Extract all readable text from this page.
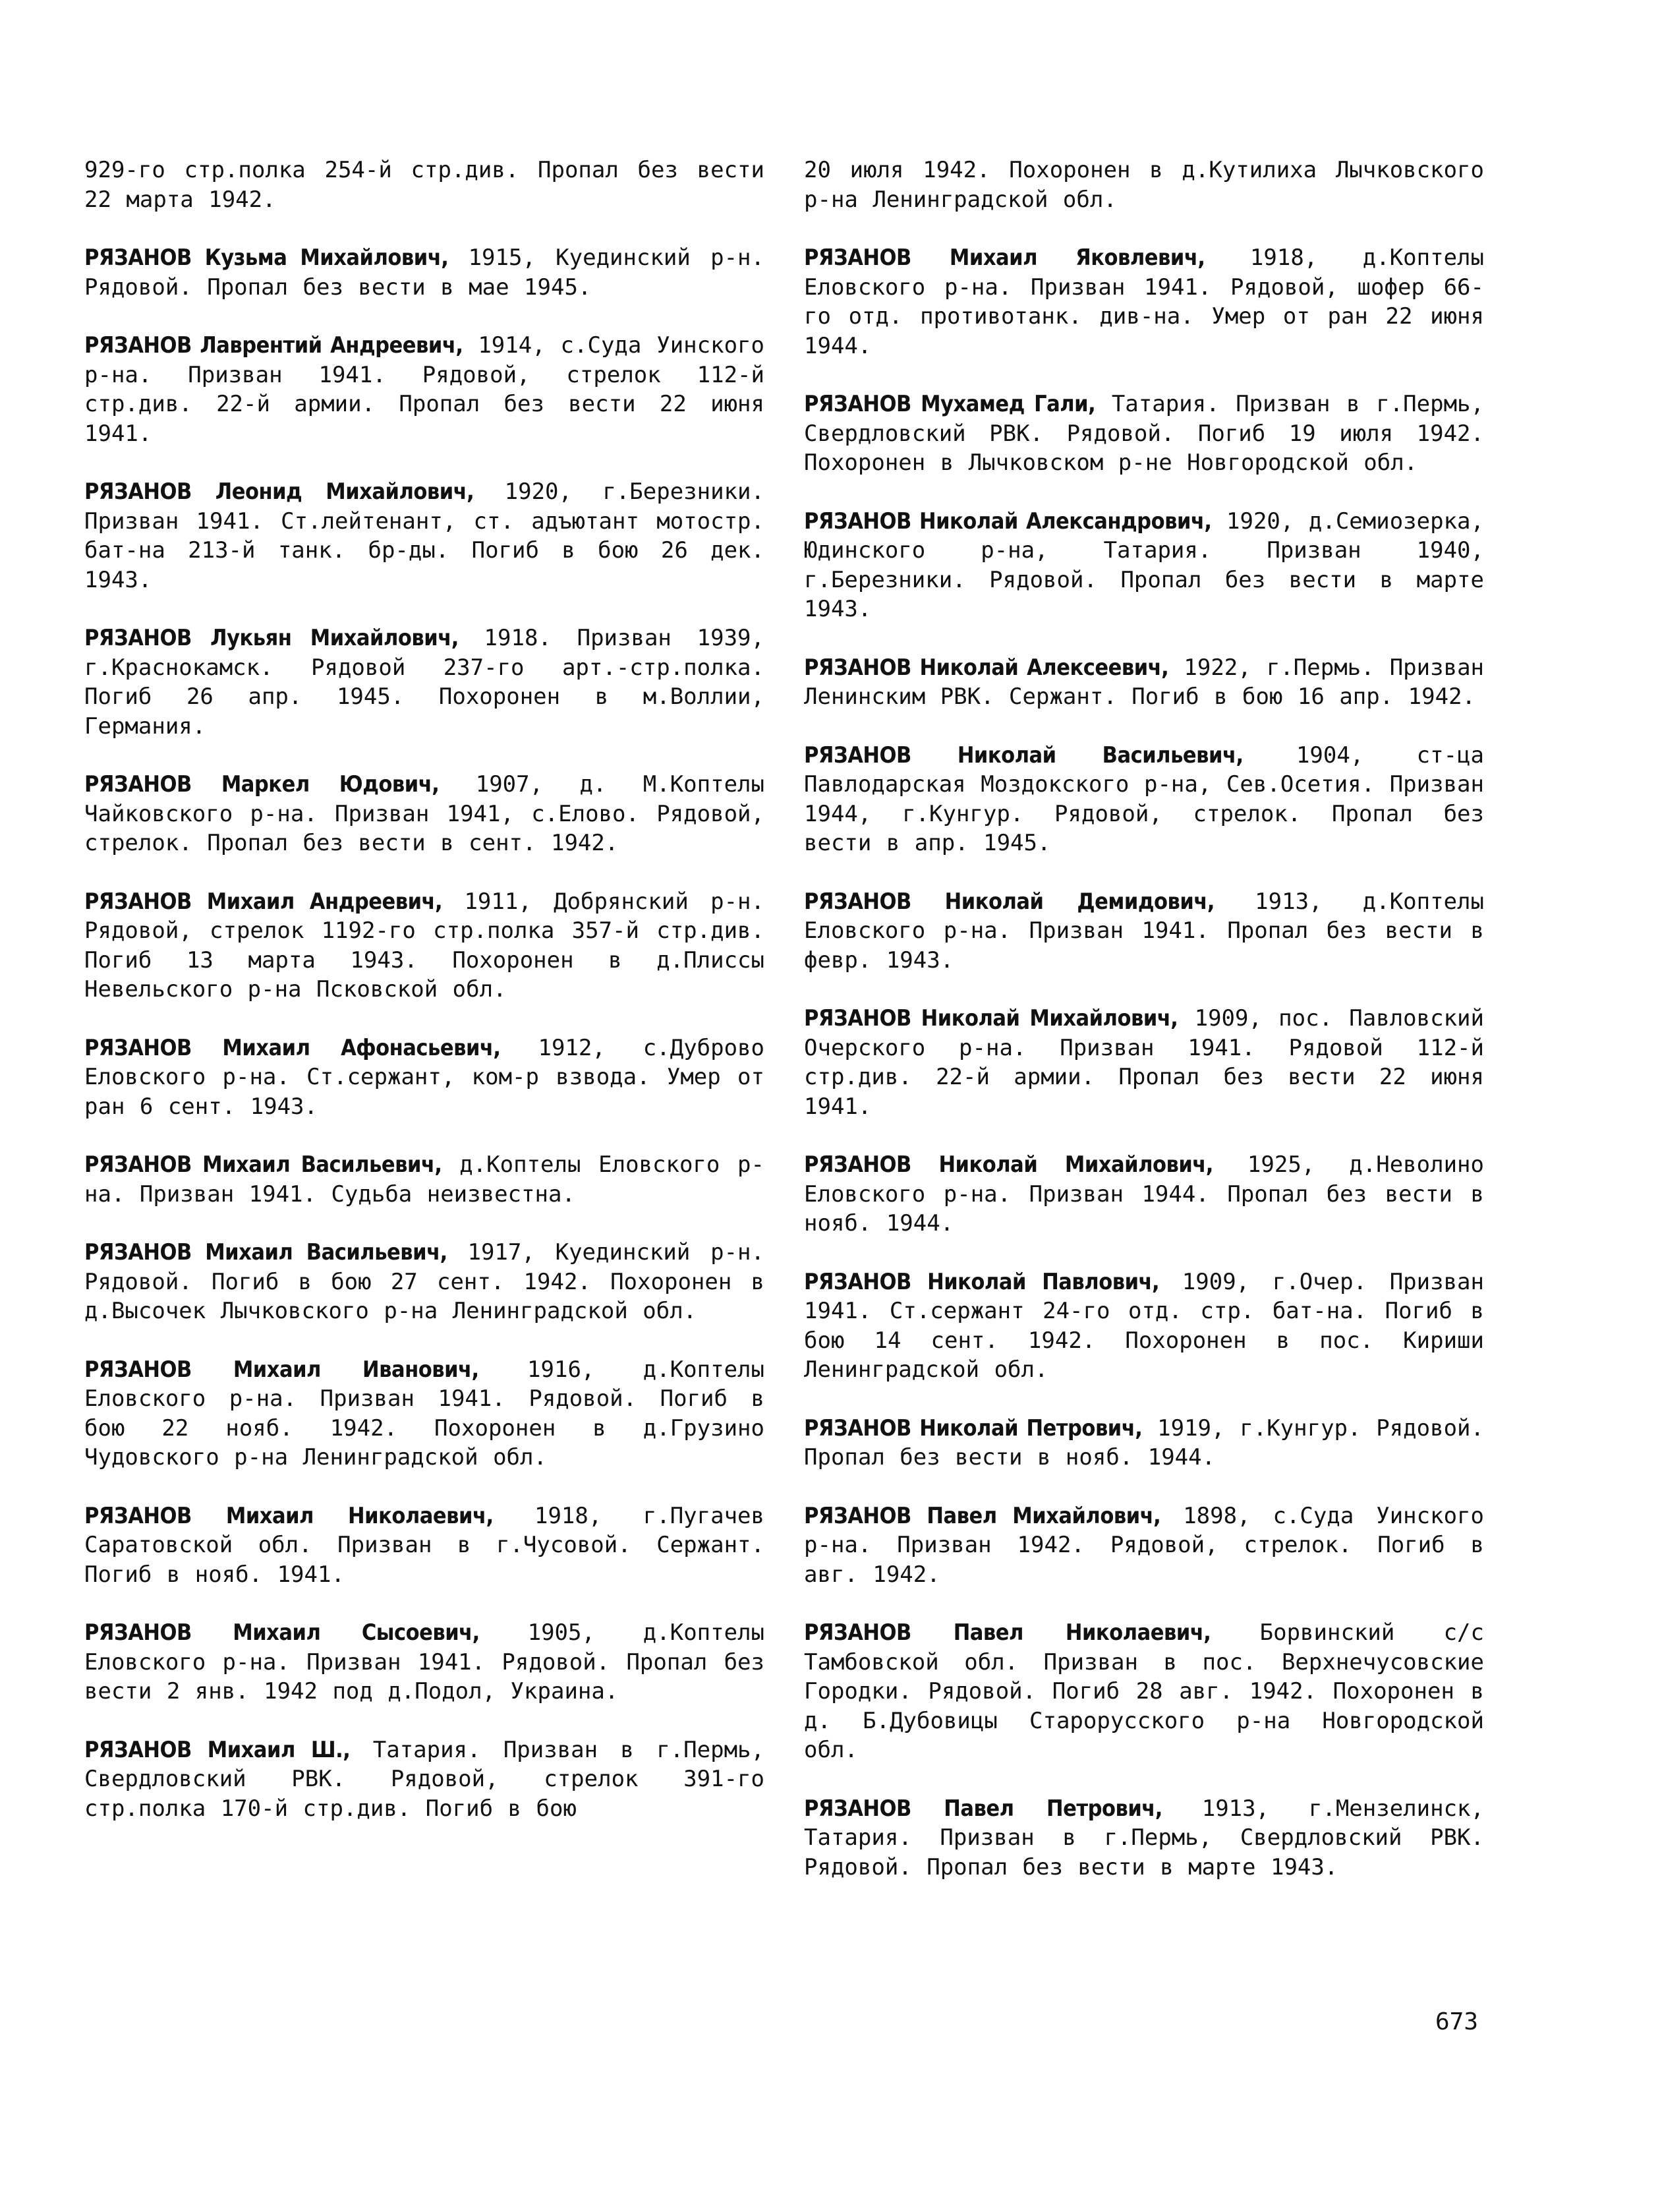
929-го стр.полка 254-й стр.див. Пропал без вести 22 марта 1942.

РЯЗАНОВ Кузьма Михайлович, 1915, Куединский р-н. Рядовой. Пропал без вести в мае 1945.

РЯЗАНОВ Лаврентий Андреевич, 1914, с.Суда Уинского р-на. Призван 1941. Рядовой, стрелок 112-й стр.див. 22-й армии. Пропал без вести 22 июня 1941.

РЯЗАНОВ Леонид Михайлович, 1920, г.Березники. Призван 1941. Ст.лейтенант, ст. адъютант мотостр. бат-на 213-й танк. бр-ды. Погиб в бою 26 дек. 1943.

РЯЗАНОВ Лукьян Михайлович, 1918. Призван 1939, г.Краснокамск. Рядовой 237-го арт.-стр.полка. Погиб 26 апр. 1945. Похоронен в м.Воллии, Германия.

РЯЗАНОВ Маркел Юдович, 1907, д. М.Коптелы Чайковского р-на. Призван 1941, с.Елово. Рядовой, стрелок. Пропал без вести в сент. 1942.

РЯЗАНОВ Михаил Андреевич, 1911, Добрянский р-н. Рядовой, стрелок 1192-го стр.полка 357-й стр.див. Погиб 13 марта 1943. Похоронен в д.Плиссы Невельского р-на Псковской обл.

РЯЗАНОВ Михаил Афонасьевич, 1912, с.Дуброво Еловского р-на. Ст.сержант, ком-р взвода. Умер от ран 6 сент. 1943.

РЯЗАНОВ Михаил Васильевич, д.Коптелы Еловского р-на. Призван 1941. Судьба неизвестна.

РЯЗАНОВ Михаил Васильевич, 1917, Куединский р-н. Рядовой. Погиб в бою 27 сент. 1942. Похоронен в д.Высочек Лычковского р-на Ленинградской обл.

РЯЗАНОВ Михаил Иванович, 1916, д.Коптелы Еловского р-на. Призван 1941. Рядовой. Погиб в бою 22 нояб. 1942. Похоронен в д.Грузино Чудовского р-на Ленинградской обл.

РЯЗАНОВ Михаил Николаевич, 1918, г.Пугачев Саратовской обл. Призван в г.Чусовой. Сержант. Погиб в нояб. 1941.

РЯЗАНОВ Михаил Сысоевич, 1905, д.Коптелы Еловского р-на. Призван 1941. Рядовой. Пропал без вести 2 янв. 1942 под д.Подол, Украина.

РЯЗАНОВ Михаил Ш., Татария. Призван в г.Пермь, Свердловский РВК. Рядовой, стрелок 391-го стр.полка 170-й стр.див. Погиб в бою

20 июля 1942. Похоронен в д.Кутилиха Лычковского р-на Ленинградской обл.

РЯЗАНОВ Михаил Яковлевич, 1918, д.Коптелы Еловского р-на. Призван 1941. Рядовой, шофер 66-го отд. противотанк. див-на. Умер от ран 22 июня 1944.

РЯЗАНОВ Мухамед Гали, Татария. Призван в г.Пермь, Свердловский РВК. Рядовой. Погиб 19 июля 1942. Похоронен в Лычковском р-не Новгородской обл.

РЯЗАНОВ Николай Александрович, 1920, д.Семиозерка, Юдинского р-на, Татария. Призван 1940, г.Березники. Рядовой. Пропал без вести в марте 1943.

РЯЗАНОВ Николай Алексеевич, 1922, г.Пермь. Призван Ленинским РВК. Сержант. Погиб в бою 16 апр. 1942.

РЯЗАНОВ Николай Васильевич, 1904, ст-ца Павлодарская Моздокского р-на, Сев.Осетия. Призван 1944, г.Кунгур. Рядовой, стрелок. Пропал без вести в апр. 1945.

РЯЗАНОВ Николай Демидович, 1913, д.Коптелы Еловского р-на. Призван 1941. Пропал без вести в февр. 1943.

РЯЗАНОВ Николай Михайлович, 1909, пос. Павловский Очерского р-на. Призван 1941. Рядовой 112-й стр.див. 22-й армии. Пропал без вести 22 июня 1941.

РЯЗАНОВ Николай Михайлович, 1925, д.Неволино Еловского р-на. Призван 1944. Пропал без вести в нояб. 1944.

РЯЗАНОВ Николай Павлович, 1909, г.Очер. Призван 1941. Ст.сержант 24-го отд. стр. бат-на. Погиб в бою 14 сент. 1942. Похоронен в пос. Кириши Ленинградской обл.

РЯЗАНОВ Николай Петрович, 1919, г.Кунгур. Рядовой. Пропал без вести в нояб. 1944.

РЯЗАНОВ Павел Михайлович, 1898, с.Суда Уинского р-на. Призван 1942. Рядовой, стрелок. Погиб в авг. 1942.

РЯЗАНОВ Павел Николаевич, Борвинский с/с Тамбовской обл. Призван в пос. Верхнечусовские Городки. Рядовой. Погиб 28 авг. 1942. Похоронен в д. Б.Дубовицы Старорусского р-на Новгородской обл.

РЯЗАНОВ Павел Петрович, 1913, г.Мензелинск, Татария. Призван в г.Пермь, Свердловский РВК. Рядовой. Пропал без вести в марте 1943.

673
